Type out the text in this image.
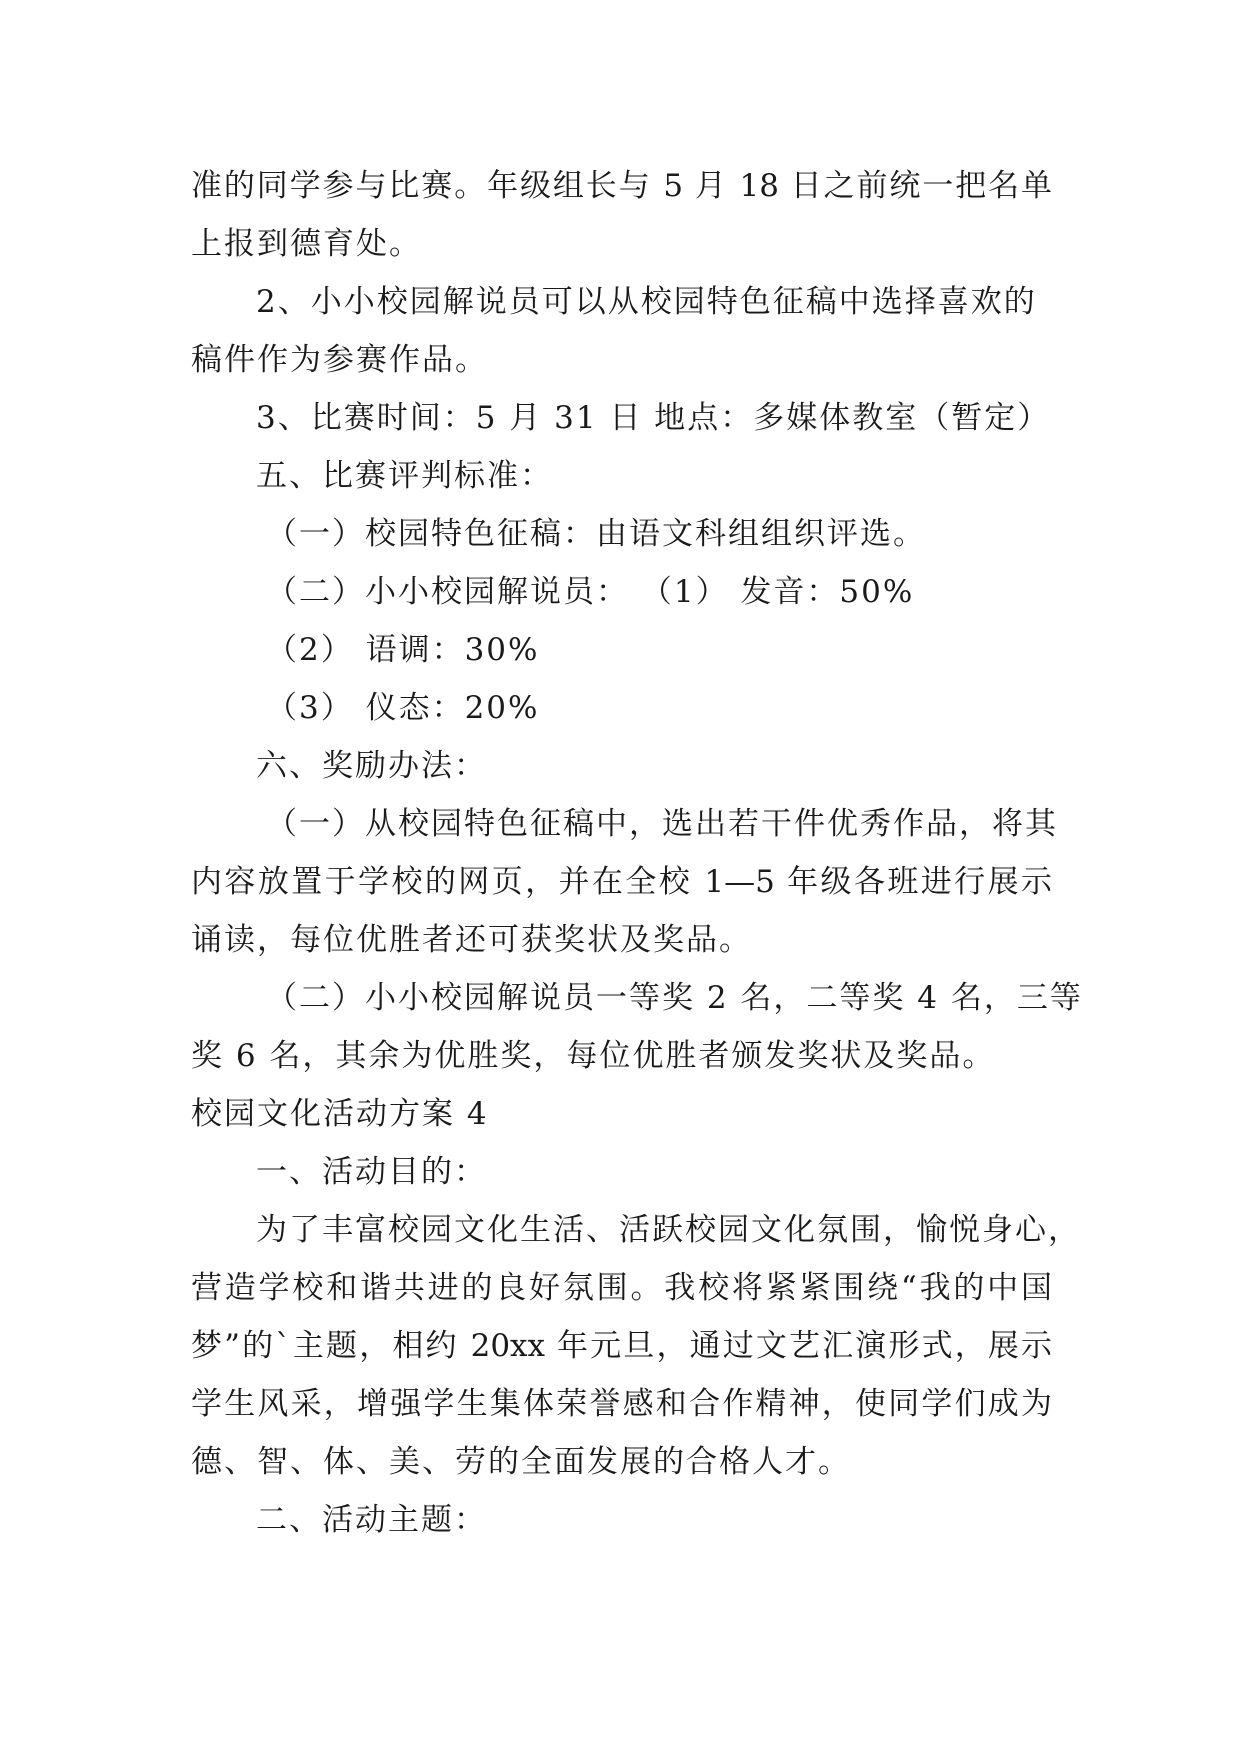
准的同学参与比赛。年级组长与 5 月 18 日之前统一把名单
上报到德育处。
2、小小校园解说员可以从校园特色征稿中选择喜欢的
稿件作为参赛作品。
3、比赛时间：5 月 31 日 地点：多媒体教室（暂定）
五、比赛评判标准：
（一）校园特色征稿：由语文科组组织评选。
（二）小小校园解说员： （1） 发音：50%
（2） 语调：30%
（3） 仪态：20%
六、奖励办法：
（一）从校园特色征稿中，选出若干件优秀作品，将其
内容放置于学校的网页，并在全校 1—5 年级各班进行展示
诵读，每位优胜者还可获奖状及奖品。
（二）小小校园解说员一等奖 2 名，二等奖 4 名，三等
奖 6 名，其余为优胜奖，每位优胜者颁发奖状及奖品。
校园文化活动方案 4
一、活动目的：
为了丰富校园文化生活、活跃校园文化氛围，愉悦身心，
营造学校和谐共进的良好氛围。我校将紧紧围绕“我的中国
梦”的`主题，相约 20xx 年元旦，通过文艺汇演形式，展示
学生风采，增强学生集体荣誉感和合作精神，使同学们成为
德、智、体、美、劳的全面发展的合格人才。
二、活动主题：
